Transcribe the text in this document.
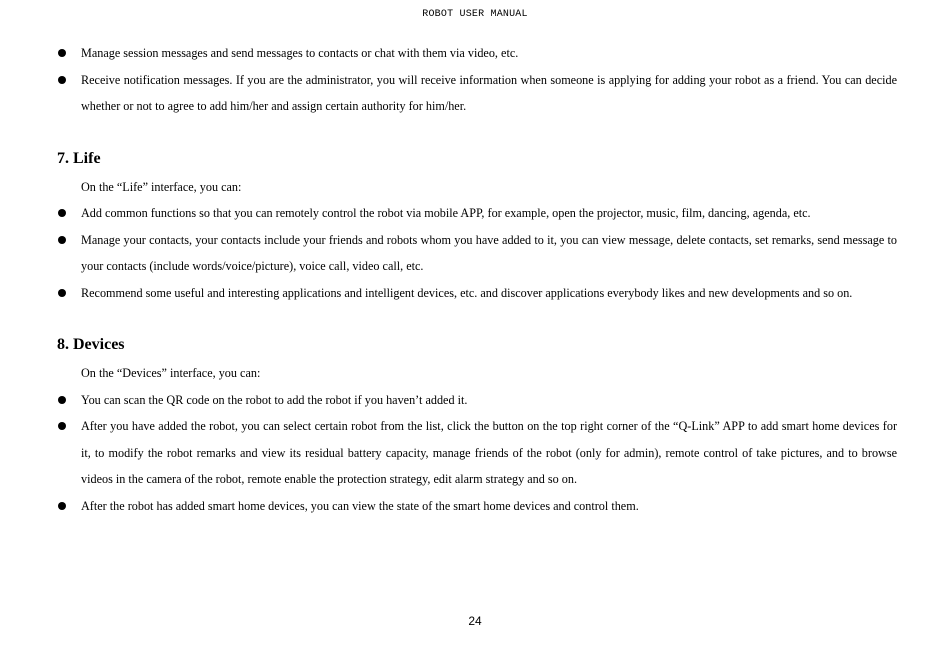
ROBOT USER MANUAL
Manage session messages and send messages to contacts or chat with them via video, etc.
Receive notification messages. If you are the administrator, you will receive information when someone is applying for adding your robot as a friend. You can decide whether or not to agree to add him/her and assign certain authority for him/her.
7. Life
On the “Life” interface, you can:
Add common functions so that you can remotely control the robot via mobile APP, for example, open the projector, music, film, dancing, agenda, etc.
Manage your contacts, your contacts include your friends and robots whom you have added to it, you can view message, delete contacts, set remarks, send message to your contacts (include words/voice/picture), voice call, video call, etc.
Recommend some useful and interesting applications and intelligent devices, etc. and discover applications everybody likes and new developments and so on.
8. Devices
On the “Devices” interface, you can:
You can scan the QR code on the robot to add the robot if you haven’t added it.
After you have added the robot, you can select certain robot from the list, click the button on the top right corner of the “Q-Link” APP to add smart home devices for it, to modify the robot remarks and view its residual battery capacity, manage friends of the robot (only for admin), remote control of take pictures, and to browse videos in the camera of the robot, remote enable the protection strategy, edit alarm strategy and so on.
After the robot has added smart home devices, you can view the state of the smart home devices and control them.
24
